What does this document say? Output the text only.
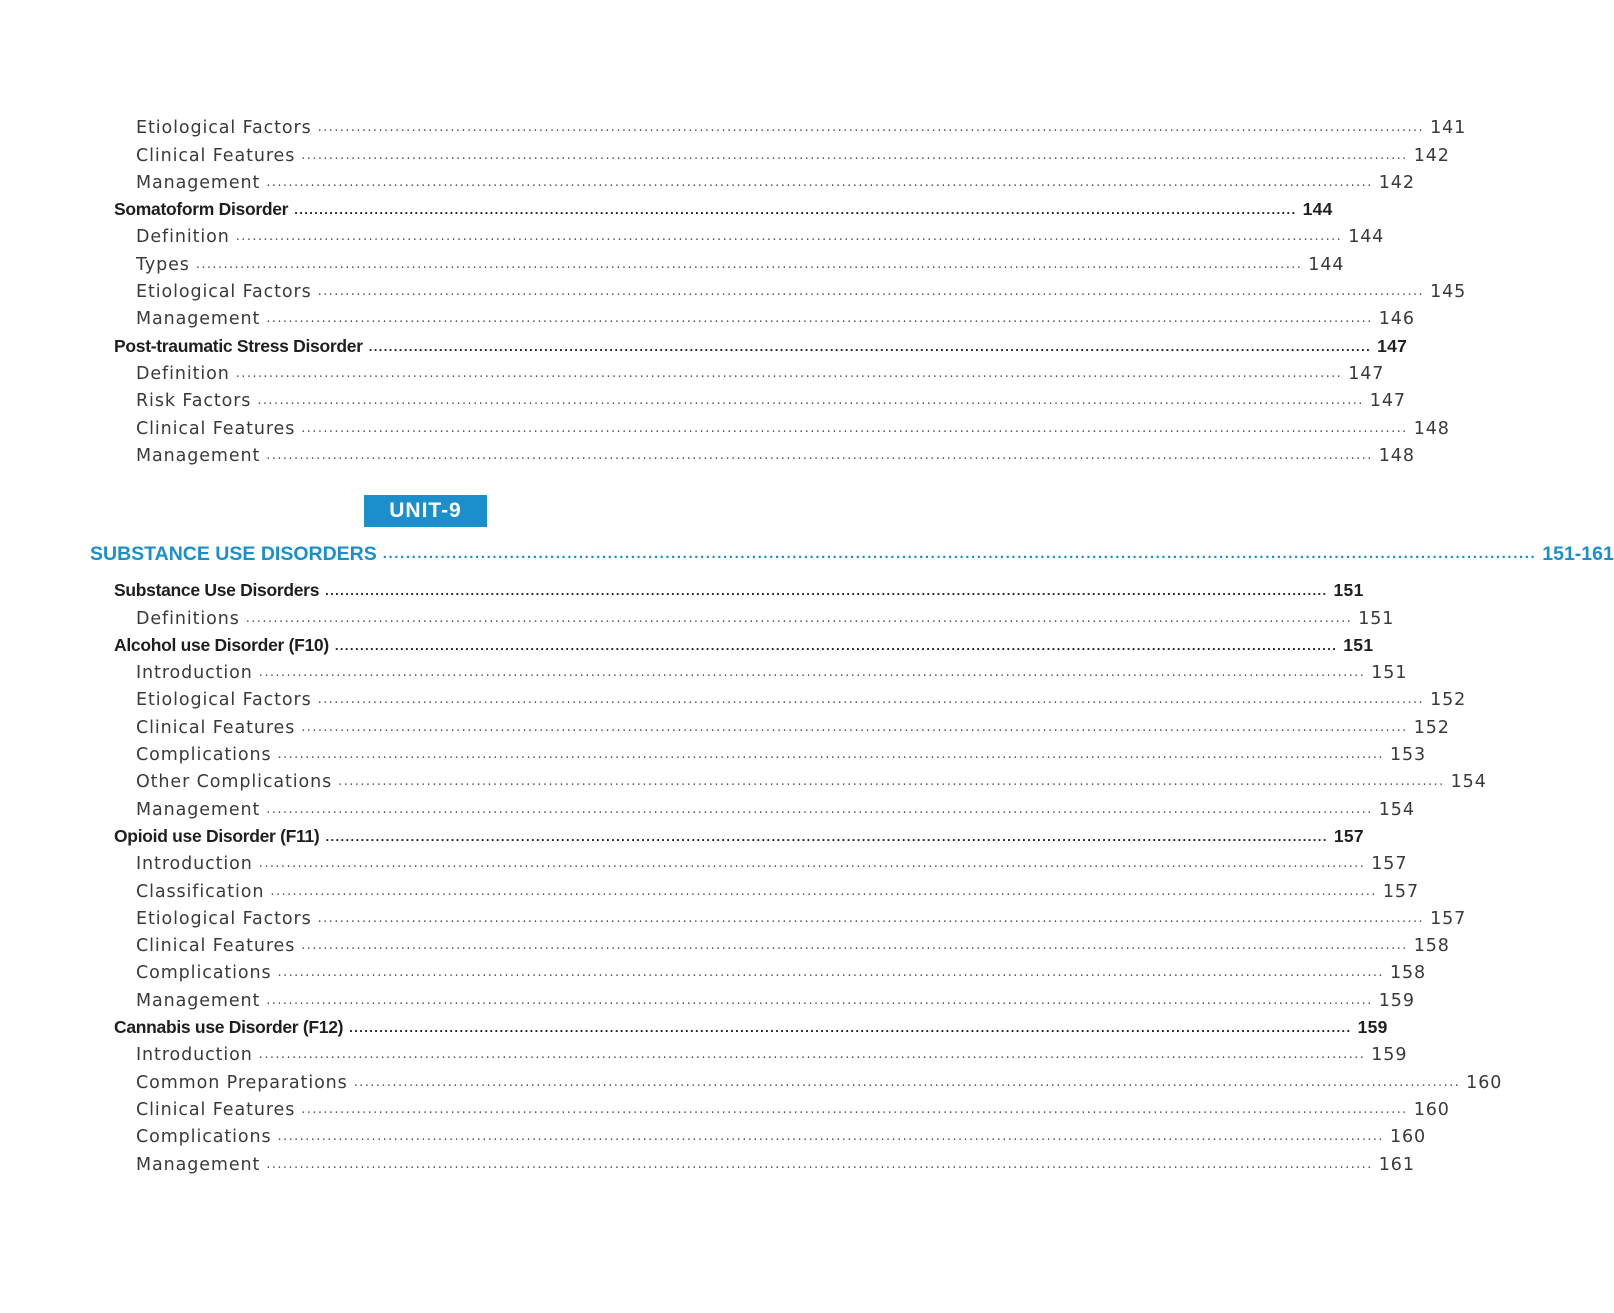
Etiological Factors ........................................................................................................................................................................................................ 141
Clinical Features ........................................................................................................................................................................................................ 142
Management ........................................................................................................................................................................................................ 142
Somatoform Disorder ........................................................................................................................................................................................................ 144
Definition ........................................................................................................................................................................................................ 144
Types ........................................................................................................................................................................................................ 144
Etiological Factors ........................................................................................................................................................................................................ 145
Management ........................................................................................................................................................................................................ 146
Post-traumatic Stress Disorder ........................................................................................................................................................................................................ 147
Definition ........................................................................................................................................................................................................ 147
Risk Factors ........................................................................................................................................................................................................ 147
Clinical Features ........................................................................................................................................................................................................ 148
Management ........................................................................................................................................................................................................ 148
UNIT-9
SUBSTANCE USE DISORDERS ........................................................................................................................................................................................................ 151-161
Substance Use Disorders ........................................................................................................................................................................................................ 151
Definitions ........................................................................................................................................................................................................ 151
Alcohol use Disorder (F10) ........................................................................................................................................................................................................ 151
Introduction ........................................................................................................................................................................................................ 151
Etiological Factors ........................................................................................................................................................................................................ 152
Clinical Features ........................................................................................................................................................................................................ 152
Complications ........................................................................................................................................................................................................ 153
Other Complications ........................................................................................................................................................................................................ 154
Management ........................................................................................................................................................................................................ 154
Opioid use Disorder (F11) ........................................................................................................................................................................................................ 157
Introduction ........................................................................................................................................................................................................ 157
Classification ........................................................................................................................................................................................................ 157
Etiological Factors ........................................................................................................................................................................................................ 157
Clinical Features ........................................................................................................................................................................................................ 158
Complications ........................................................................................................................................................................................................ 158
Management ........................................................................................................................................................................................................ 159
Cannabis use Disorder (F12) ........................................................................................................................................................................................................ 159
Introduction ........................................................................................................................................................................................................ 159
Common Preparations ........................................................................................................................................................................................................ 160
Clinical Features ........................................................................................................................................................................................................ 160
Complications ........................................................................................................................................................................................................ 160
Management ........................................................................................................................................................................................................ 161
